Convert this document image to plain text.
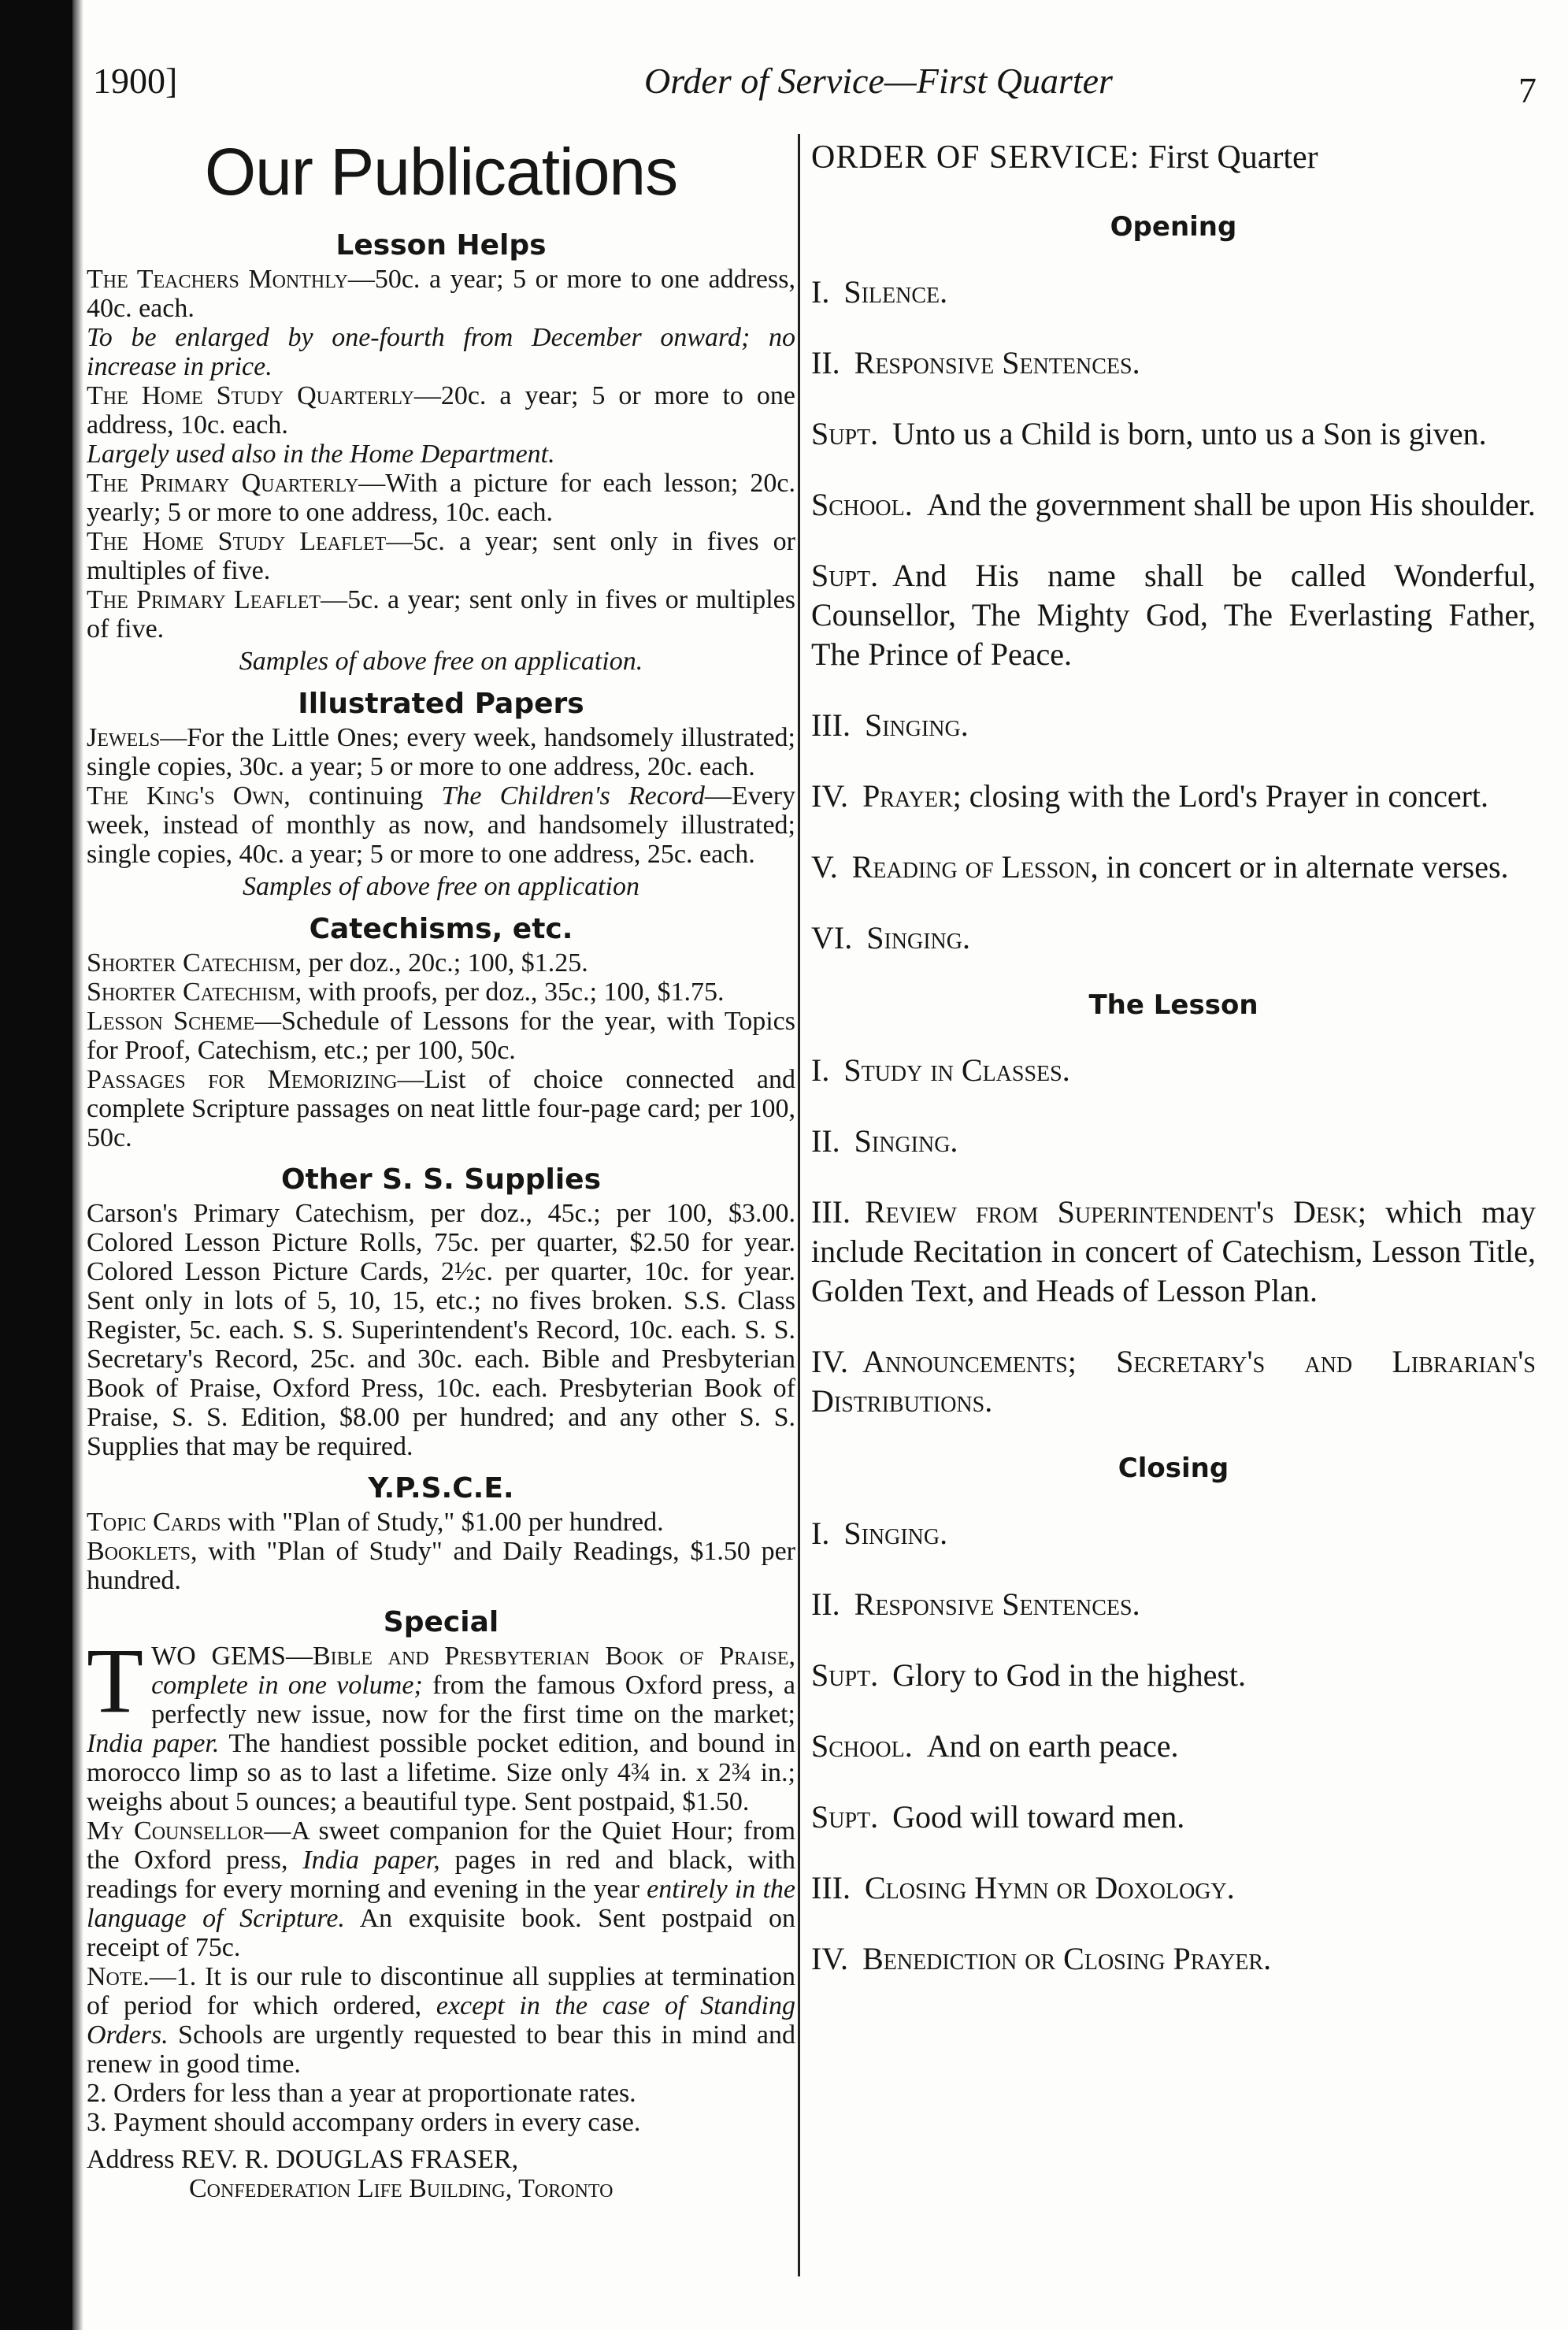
1900]	Order of Service—First Quarter	7
Our Publications
Lesson Helps

The Teachers Monthly—50c. a year; 5 or more to one address, 40c. each.

To be enlarged by one-fourth from December onward; no increase in price.

The Home Study Quarterly—20c. a year; 5 or more to one address, 10c. each.

Largely used also in the Home Department.

The Primary Quarterly—With a picture for each lesson; 20c. yearly; 5 or more to one address, 10c. each.

The Home Study Leaflet—5c. a year; sent only in fives or multiples of five.

The Primary Leaflet—5c. a year; sent only in fives or multiples of five.

Samples of above free on application.

Illustrated Papers

Jewels—For the Little Ones; every week, handsomely illustrated; single copies, 30c. a year; 5 or more to one address, 20c. each.

The King's Own, continuing The Children's Record—Every week, instead of monthly as now, and handsomely illustrated; single copies, 40c. a year; 5 or more to one address, 25c. each.

Samples of above free on application

Catechisms, etc.

Shorter Catechism, per doz., 20c.; 100, $1.25.

Shorter Catechism, with proofs, per doz., 35c.; 100, $1.75.

Lesson Scheme—Schedule of Lessons for the year, with Topics for Proof, Catechism, etc.; per 100, 50c.

Passages for Memorizing—List of choice connected and complete Scripture passages on neat little four-page card; per 100, 50c.

Other S. S. Supplies

Carson's Primary Catechism, per doz., 45c.; per 100, $3.00. Colored Lesson Picture Rolls, 75c. per quarter, $2.50 for year. Colored Lesson Picture Cards, 2½c. per quarter, 10c. for year. Sent only in lots of 5, 10, 15, etc.; no fives broken. S.S. Class Register, 5c. each. S. S. Superintendent's Record, 10c. each. S. S. Secretary's Record, 25c. and 30c. each. Bible and Presbyterian Book of Praise, Oxford Press, 10c. each. Presbyterian Book of Praise, S. S. Edition, $8.00 per hundred; and any other S. S. Supplies that may be required.

Y.P.S.C.E.

Topic Cards with "Plan of Study," $1.00 per hundred.

Booklets, with "Plan of Study" and Daily Readings, $1.50 per hundred.

Special
T WO GEMS—Bible and Presbyterian Book of Praise, complete in one volume; from the famous Oxford press, a perfectly new issue, now for the first time on the market; India paper. The handiest possible pocket edition, and bound in morocco limp so as to last a lifetime. Size only 4¾ in. x 2¾ in.; weighs about 5 ounces; a beautiful type. Sent postpaid, $1.50.

My Counsellor—A sweet companion for the Quiet Hour; from the Oxford press, India paper, pages in red and black, with readings for every morning and evening in the year entirely in the language of Scripture. An exquisite book. Sent postpaid on receipt of 75c.

Note.—1. It is our rule to discontinue all supplies at termination of period for which ordered, except in the case of Standing Orders. Schools are urgently requested to bear this in mind and renew in good time.

2. Orders for less than a year at proportionate rates.

3. Payment should accompany orders in every case.

Address REV. R. DOUGLAS FRASER,
Confederation Life Building, Toronto
ORDER OF SERVICE: First Quarter
Opening

I. Silence.

II. Responsive Sentences.

Supt. Unto us a Child is born, unto us a Son is given.

School. And the government shall be upon His shoulder.

Supt. And His name shall be called Wonderful, Counsellor, The Mighty God, The Everlasting Father, The Prince of Peace.

III. Singing.

IV. Prayer; closing with the Lord's Prayer in concert.

V. Reading of Lesson, in concert or in alternate verses.

VI. Singing.

The Lesson

I. Study in Classes.

II. Singing.

III. Review from Superintendent's Desk; which may include Recitation in concert of Catechism, Lesson Title, Golden Text, and Heads of Lesson Plan.

IV. Announcements; Secretary's and Librarian's Distributions.

Closing

I. Singing.

II. Responsive Sentences.

Supt. Glory to God in the highest.

School. And on earth peace.

Supt. Good will toward men.

III. Closing Hymn or Doxology.

IV. Benediction or Closing Prayer.
